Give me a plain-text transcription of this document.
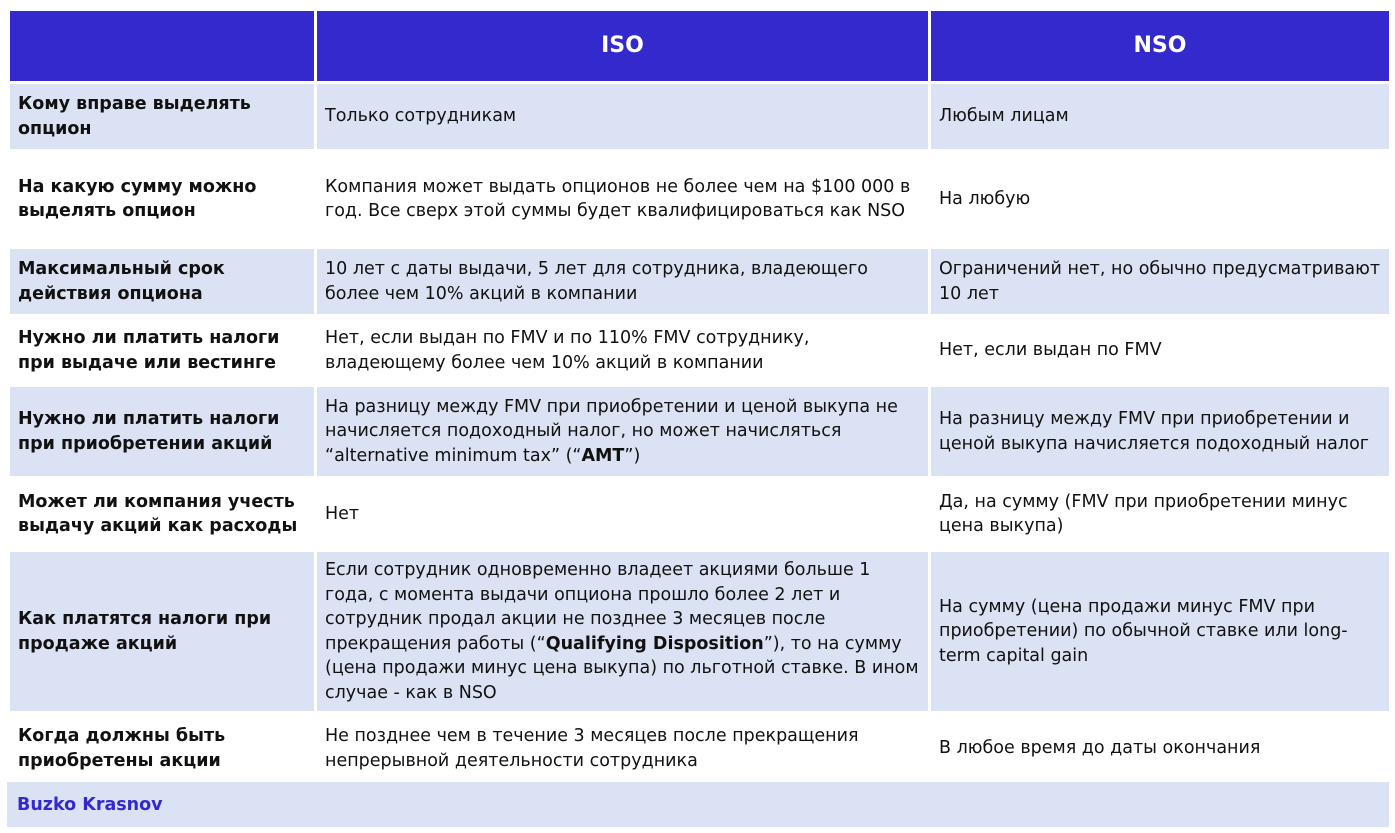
	ISO	NSO
Кому вправе выделять опцион	Только сотрудникам	Любым лицам
На какую сумму можно выделять опцион	Компания может выдать опционов не более чем на $100 000 в год. Все сверх этой суммы будет квалифицироваться как NSO	На любую
Максимальный срок действия опциона	10 лет с даты выдачи, 5 лет для сотрудника, владеющего более чем 10% акций в компании	Ограничений нет, но обычно предусматривают 10 лет
Нужно ли платить налоги при выдаче или вестинге	Нет, если выдан по FMV и по 110% FMV сотруднику, владеющему более чем 10% акций в компании	Нет, если выдан по FMV
Нужно ли платить налоги при приобретении акций	На разницу между FMV при приобретении и ценой выкупа не начисляется подоходный налог, но может начисляться “alternative minimum tax” (“AMT”)	На разницу между FMV при приобретении и ценой выкупа начисляется подоходный налог
Может ли компания учесть выдачу акций как расходы	Нет	Да, на сумму (FMV при приобретении минус цена выкупа)
Как платятся налоги при продаже акций	Если сотрудник одновременно владеет акциями больше 1 года, с момента выдачи опциона прошло более 2 лет и сотрудник продал акции не позднее 3 месяцев после прекращения работы (“Qualifying Disposition”), то на сумму (цена продажи минус цена выкупа) по льготной ставке. В ином случае - как в NSO	На сумму (цена продажи минус FMV при приобретении) по обычной ставке или long-term capital gain
Когда должны быть приобретены акции	Не позднее чем в течение 3 месяцев после прекращения непрерывной деятельности сотрудника	В любое время до даты окончания
Buzko Krasnov
